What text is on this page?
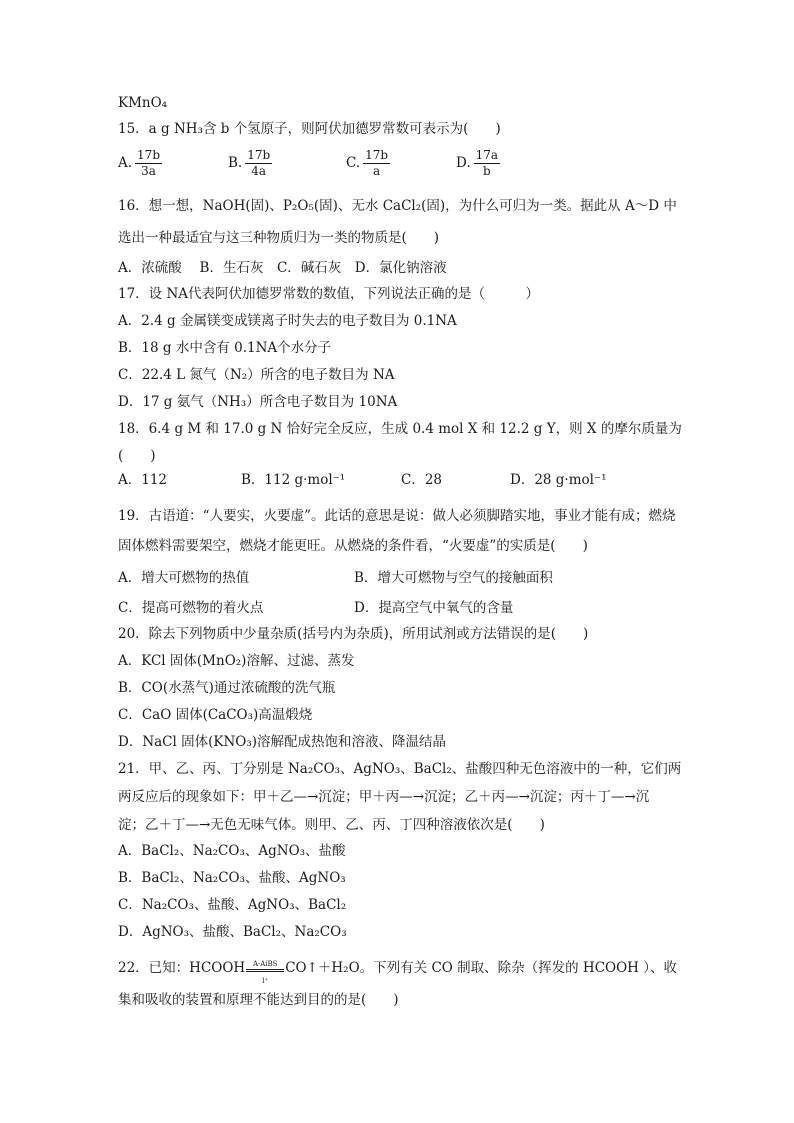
KMnO₄
15．a g NH₃含 b 个氢原子，则阿伏加德罗常数可表示为(　　)
A. $\frac{17b}{3a}$	B. $\frac{17b}{4a}$	C. $\frac{17b}{a}$	D. $\frac{17a}{b}$
16．想一想，NaOH(固)、P₂O₅(固)、无水 CaCl₂(固)，为什么可归为一类。据此从 A～D 中
选出一种最适宜与这三种物质归为一类的物质是(　　)
A．浓硫酸　 B．生石灰　C．碱石灰　D．氯化钠溶液
17．设 NA代表阿伏加德罗常数的数值，下列说法正确的是（　　　）
A．2.4 g 金属镁变成镁离子时失去的电子数目为 0.1NA
B．18 g 水中含有 0.1NA个水分子
C．22.4 L 氮气（N₂）所含的电子数目为 NA
D．17 g 氨气（NH₃）所含电子数目为 10NA
18．6.4 g M 和 17.0 g N 恰好完全反应，生成 0.4 mol X 和 12.2 g Y，则 X 的摩尔质量为
(　　)
A．112	B．112 g·mol⁻¹	C．28	D．28 g·mol⁻¹
19．古语道：“人要实，火要虚”。此话的意思是说：做人必须脚踏实地，事业才能有成；燃烧
固体燃料需要架空，燃烧才能更旺。从燃烧的条件看，“火要虚”的实质是(　　)
A．增大可燃物的热值	B．增大可燃物与空气的接触面积
C．提高可燃物的着火点	D．提高空气中氧气的含量
20．除去下列物质中少量杂质(括号内为杂质)，所用试剂或方法错误的是(　　)
A．KCl 固体(MnO₂)溶解、过滤、蒸发
B．CO(水蒸气)通过浓硫酸的洗气瓶
C．CaO 固体(CaCO₃)高温煅烧
D．NaCl 固体(KNO₃)溶解配成热饱和溶液、降温结晶
21．甲、乙、丙、丁分别是 Na₂CO₃、AgNO₃、BaCl₂、盐酸四种无色溶液中的一种，它们两
两反应后的现象如下：甲＋乙—→沉淀；甲＋丙—→沉淀；乙＋丙—→沉淀；丙＋丁—→沉
淀；乙＋丁—→无色无味气体。则甲、乙、丙、丁四种溶液依次是(　　)
A．BaCl₂、Na₂CO₃、AgNO₃、盐酸
B．BaCl₂、Na₂CO₃、盐酸、AgNO₃
C．Na₂CO₃、盐酸、AgNO₃、BaCl₂
D．AgNO₃、盐酸、BaCl₂、Na₂CO₃
22．已知：HCOOH	A·AiBS
l⁺
CO↑＋H₂O。下列有关 CO 制取、除杂（挥发的 HCOOH ）、收
集和吸收的装置和原理不能达到目的的是(　　)
